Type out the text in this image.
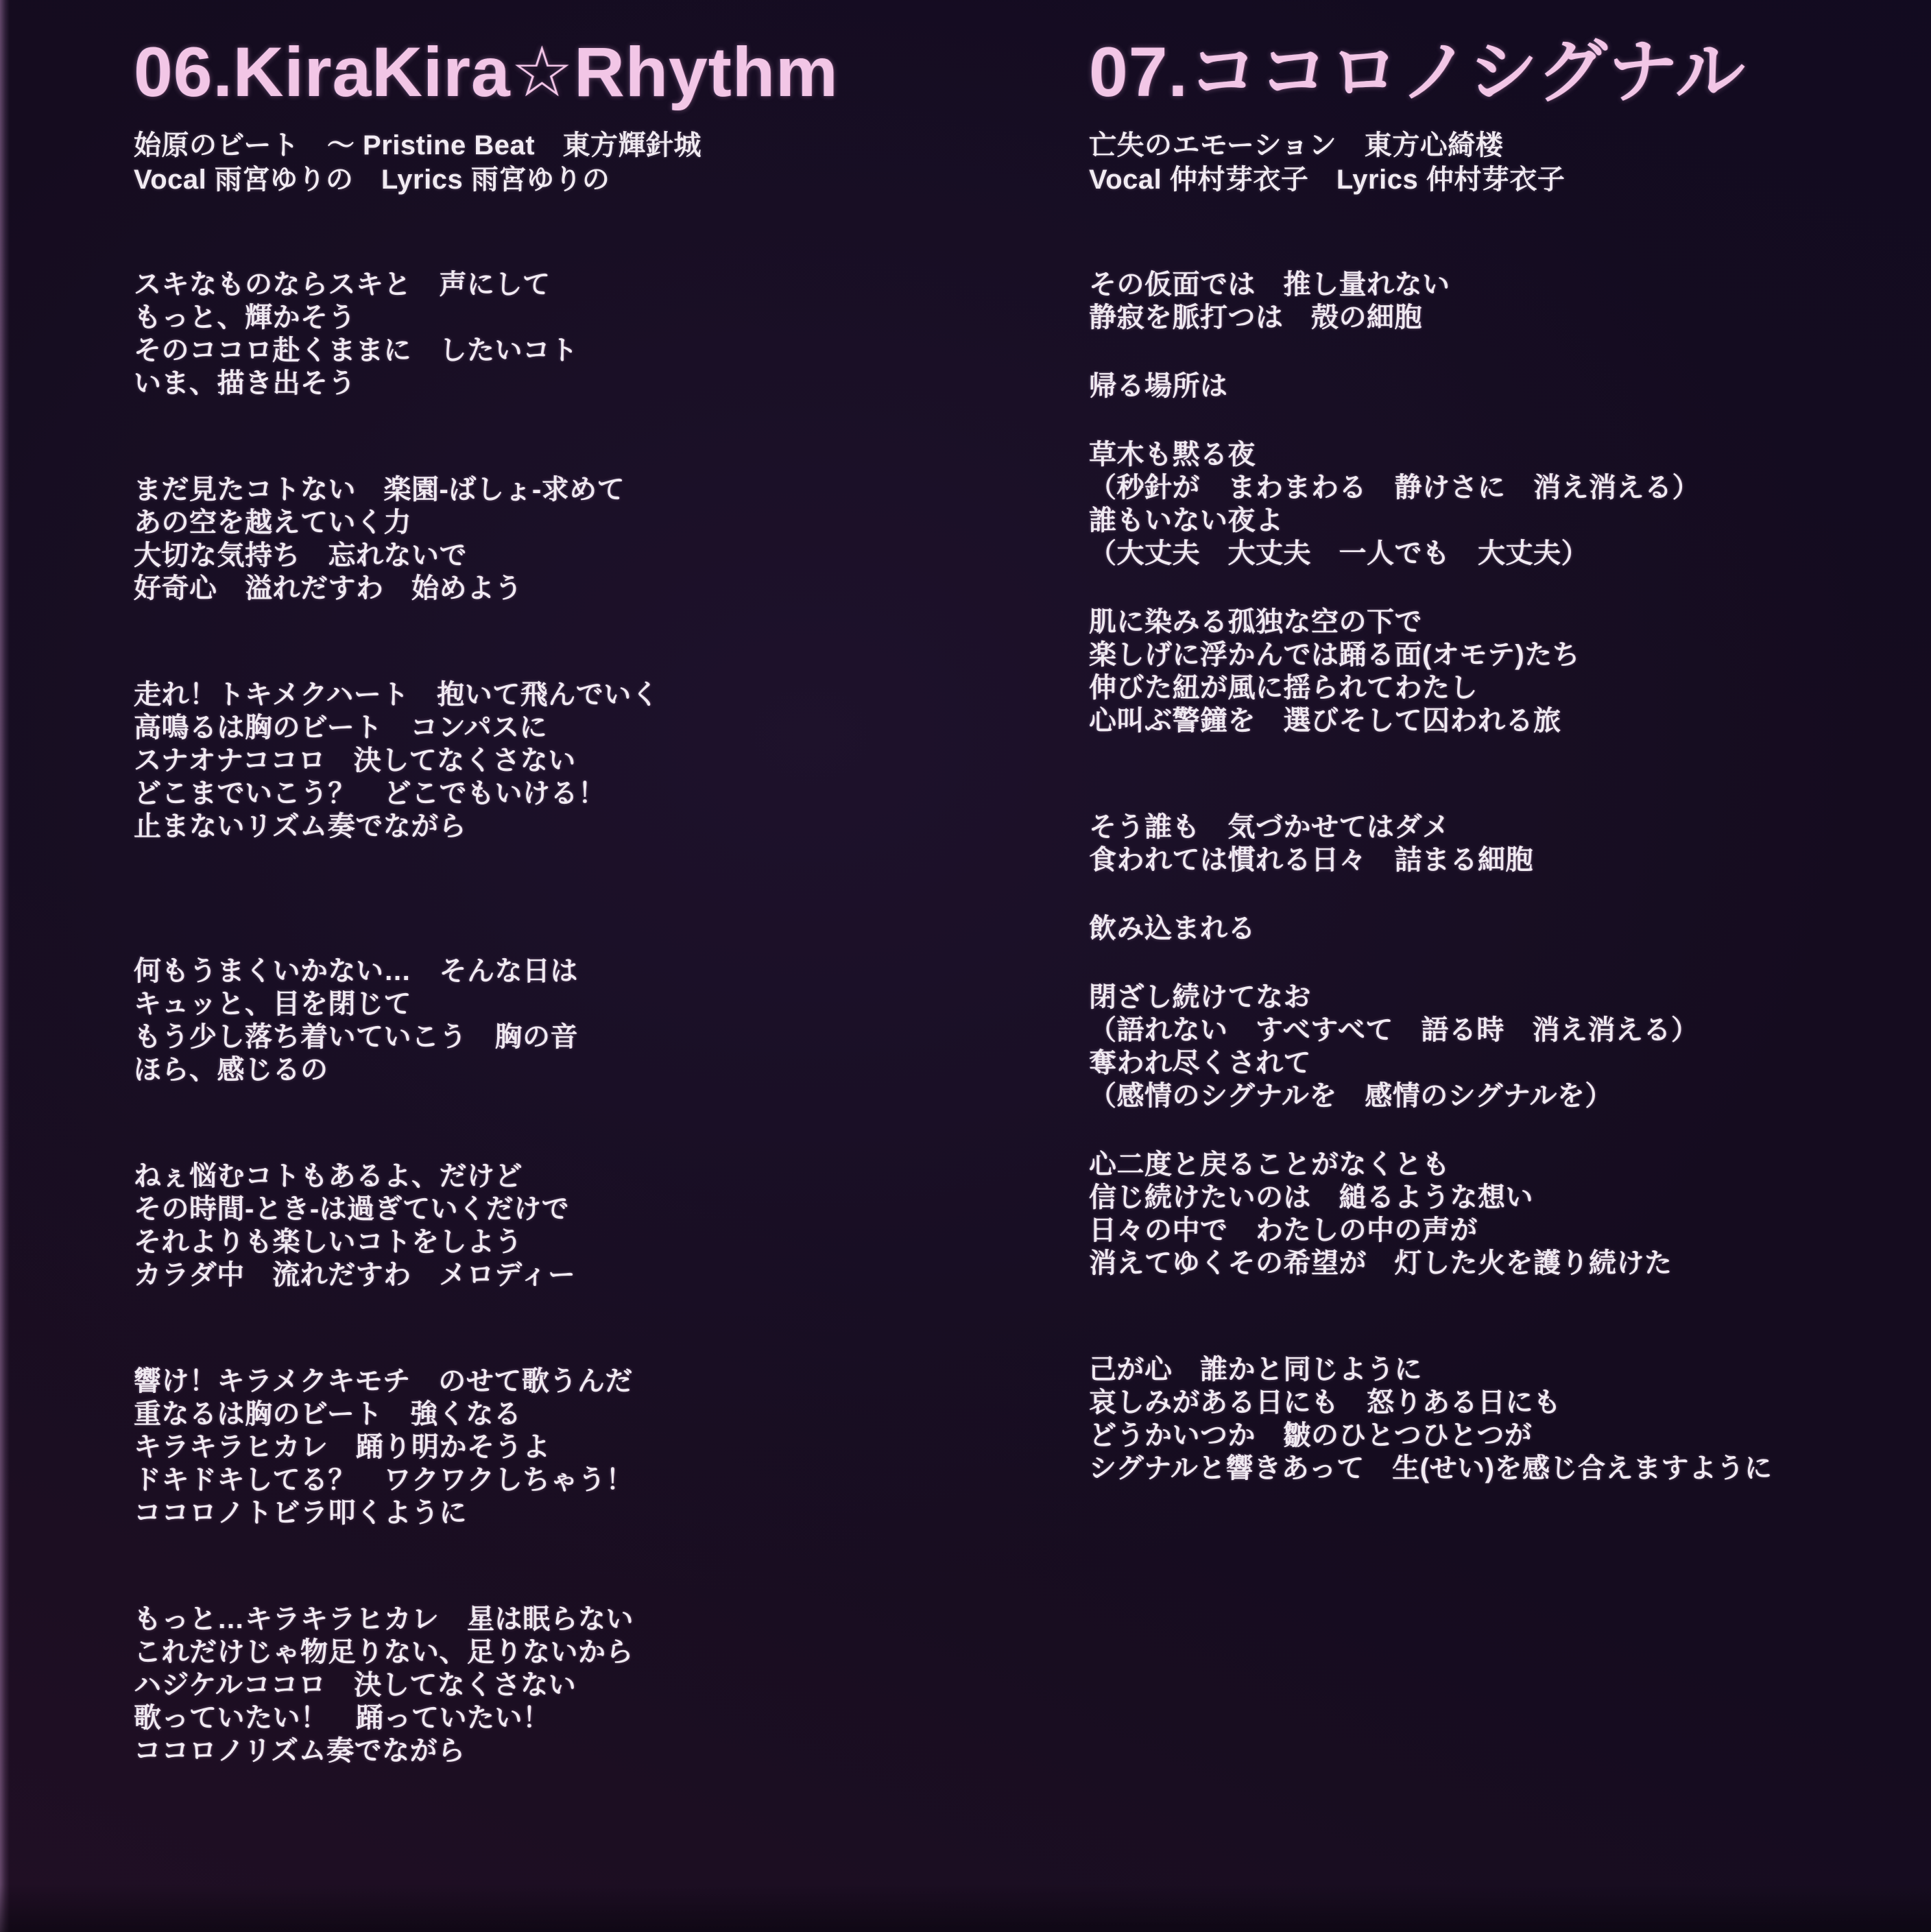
06.KiraKira☆Rhythm

始原のビート　～ Pristine Beat　東方輝針城

Vocal 雨宮ゆりの　Lyrics 雨宮ゆりの

スキなものならスキと　声にして

もっと、輝かそう

そのココロ赴くままに　したいコト

いま、描き出そう

まだ見たコトない　楽園-ばしょ-求めて

あの空を越えていく力

大切な気持ち　忘れないで

好奇心　溢れだすわ　始めよう

走れ！トキメクハート　抱いて飛んでいく

高鳴るは胸のビート　コンパスに

スナオナココロ　決してなくさない

どこまでいこう？　どこでもいける！

止まないリズム奏でながら

何もうまくいかない…　そんな日は

キュッと、目を閉じて

もう少し落ち着いていこう　胸の音

ほら、感じるの

ねぇ悩むコトもあるよ、だけど

その時間-とき-は過ぎていくだけで

それよりも楽しいコトをしよう

カラダ中　流れだすわ　メロディー

響け！キラメクキモチ　のせて歌うんだ

重なるは胸のビート　強くなる

キラキラヒカレ　踊り明かそうよ

ドキドキしてる？　ワクワクしちゃう！

ココロノトビラ叩くように

もっと…キラキラヒカレ　星は眠らない

これだけじゃ物足りない、足りないから

ハジケルココロ　決してなくさない

歌っていたい！　踊っていたい！

ココロノリズム奏でながら

07.ココロノシグナル

亡失のエモーション　東方心綺楼

Vocal 仲村芽衣子　Lyrics 仲村芽衣子

その仮面では　推し量れない

静寂を脈打つは　殻の細胞

帰る場所は

草木も黙る夜

（秒針が　まわまわる　静けさに　消え消える）

誰もいない夜よ

（大丈夫　大丈夫　一人でも　大丈夫）

肌に染みる孤独な空の下で

楽しげに浮かんでは踊る面(オモテ)たち

伸びた紐が風に揺られてわたし

心叫ぶ警鐘を　選びそして囚われる旅

そう誰も　気づかせてはダメ

食われては慣れる日々　詰まる細胞

飲み込まれる

閉ざし続けてなお

（語れない　すべすべて　語る時　消え消える）

奪われ尽くされて

（感情のシグナルを　感情のシグナルを）

心二度と戻ることがなくとも

信じ続けたいのは　縋るような想い

日々の中で　わたしの中の声が

消えてゆくその希望が　灯した火を護り続けた

己が心　誰かと同じように

哀しみがある日にも　怒りある日にも

どうかいつか　皺のひとつひとつが

シグナルと響きあって　生(せい)を感じ合えますように
